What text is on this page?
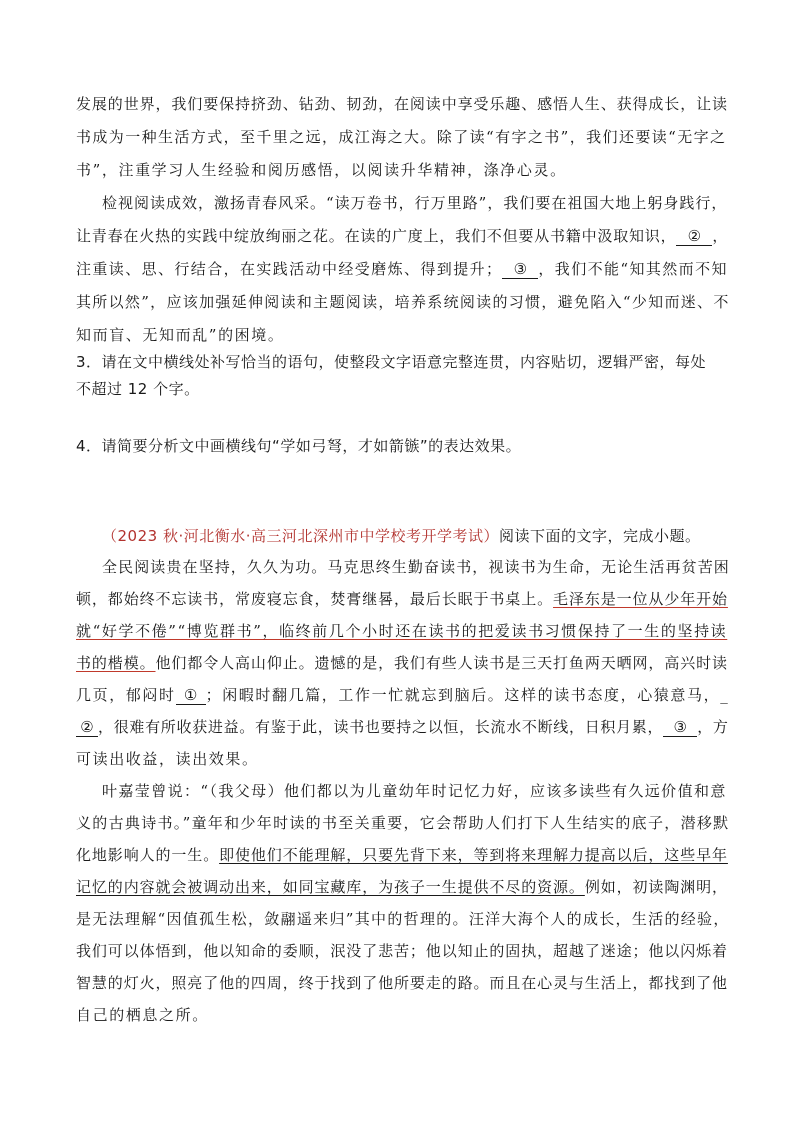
发展的世界，我们要保持挤劲、钻劲、韧劲，在阅读中享受乐趣、感悟人生、获得成长，让读
书成为一种生活方式，至千里之远，成江海之大。除了读“有字之书”，我们还要读“无字之
书”，注重学习人生经验和阅历感悟，以阅读升华精神，涤净心灵。
检视阅读成效，激扬青春风采。“读万卷书，行万里路”，我们要在祖国大地上躬身践行，
让青春在火热的实践中绽放绚丽之花。在读的广度上，我们不但要从书籍中汲取知识， ② ，
注重读、思、行结合，在实践活动中经受磨炼、得到提升； ③ ，我们不能“知其然而不知
其所以然”，应该加强延伸阅读和主题阅读，培养系统阅读的习惯，避免陷入“少知而迷、不
知而盲、无知而乱”的困境。
3．请在文中横线处补写恰当的语句，使整段文字语意完整连贯，内容贴切，逻辑严密，每处
不超过 12 个字。
4．请简要分析文中画横线句“学如弓弩，才如箭镞”的表达效果。
（2023 秋·河北衡水·高三河北深州市中学校考开学考试）阅读下面的文字，完成小题。
全民阅读贵在坚持，久久为功。马克思终生勤奋读书，视读书为生命，无论生活再贫苦困
顿，都始终不忘读书，常废寝忘食，焚膏继晷，最后长眠于书桌上。毛泽东是一位从少年开始
就“好学不倦”“博览群书”，临终前几个小时还在读书的把爱读书习惯保持了一生的坚持读
书的楷模。他们都令人高山仰止。遗憾的是，我们有些人读书是三天打鱼两天晒网，高兴时读
几页，郁闷时 ① ；闲暇时翻几篇，工作一忙就忘到脑后。这样的读书态度，心猿意马，_
② ，很难有所收获进益。有鉴于此，读书也要持之以恒，长流水不断线，日积月累， ③ ，方
可读出收益，读出效果。
叶嘉莹曾说：“（我父母）他们都以为儿童幼年时记忆力好，应该多读些有久远价值和意
义的古典诗书。”童年和少年时读的书至关重要，它会帮助人们打下人生结实的底子，潜移默
化地影响人的一生。即使他们不能理解，只要先背下来，等到将来理解力提高以后，这些早年
记忆的内容就会被调动出来，如同宝藏库，为孩子一生提供不尽的资源。例如，初读陶渊明，
是无法理解“因值孤生松，敛翮遥来归”其中的哲理的。汪洋大海个人的成长，生活的经验，
我们可以体悟到，他以知命的委顺，泯没了悲苦；他以知止的固执，超越了迷途；他以闪烁着
智慧的灯火，照亮了他的四周，终于找到了他所要走的路。而且在心灵与生活上，都找到了他
自己的栖息之所。
